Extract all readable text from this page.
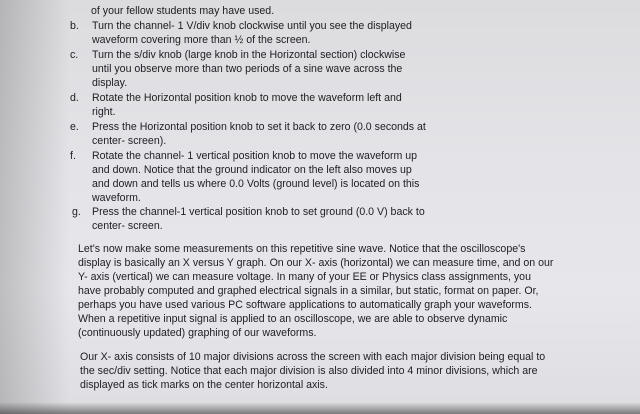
of your fellow students may have used.
b. Turn the channel- 1 V/div knob clockwise until you see the displayed
waveform covering more than ½ of the screen.
c. Turn the s/div knob (large knob in the Horizontal section) clockwise
until you observe more than two periods of a sine wave across the
display.
d. Rotate the Horizontal position knob to move the waveform left and
right.
e. Press the Horizontal position knob to set it back to zero (0.0 seconds at
center- screen).
f. Rotate the channel- 1 vertical position knob to move the waveform up
and down. Notice that the ground indicator on the left also moves up
and down and tells us where 0.0 Volts (ground level) is located on this
waveform.
g. Press the channel-1 vertical position knob to set ground (0.0 V) back to
center- screen.
Let's now make some measurements on this repetitive sine wave. Notice that the oscilloscope's
display is basically an X versus Y graph. On our X- axis (horizontal) we can measure time, and on our
Y- axis (vertical) we can measure voltage. In many of your EE or Physics class assignments, you
have probably computed and graphed electrical signals in a similar, but static, format on paper. Or,
perhaps you have used various PC software applications to automatically graph your waveforms.
When a repetitive input signal is applied to an oscilloscope, we are able to observe dynamic
(continuously updated) graphing of our waveforms.
Our X- axis consists of 10 major divisions across the screen with each major division being equal to
the sec/div setting. Notice that each major division is also divided into 4 minor divisions, which are
displayed as tick marks on the center horizontal axis.
